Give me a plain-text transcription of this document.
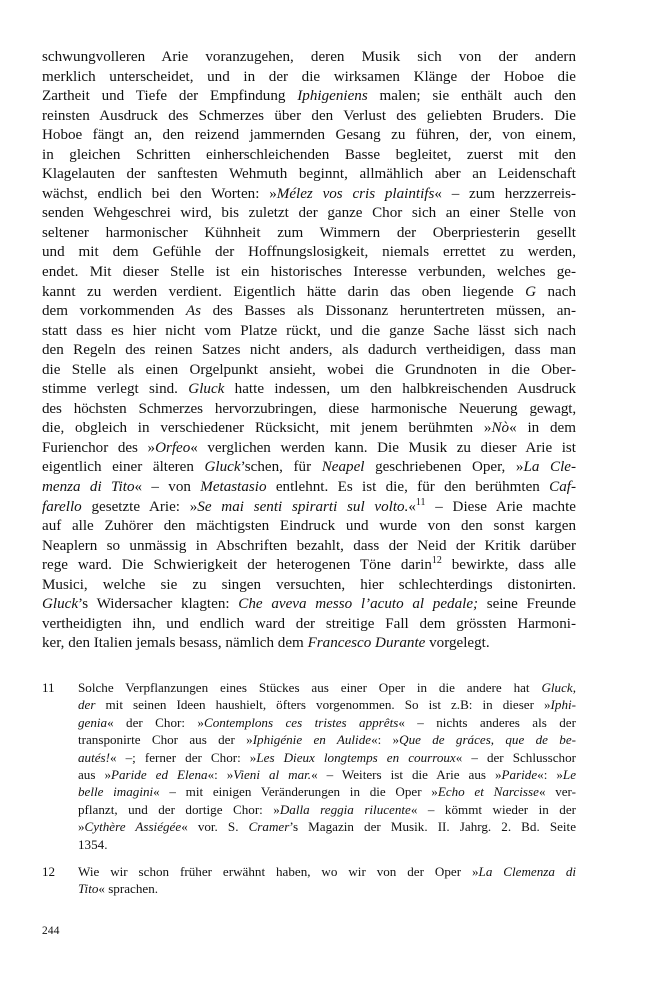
schwungvolleren Arie voranzugehen, deren Musik sich von der andern
merklich unterscheidet, und in der die wirksamen Klänge der Hoboe die
Zartheit und Tiefe der Empfindung Iphigeniens malen; sie enthält auch den
reinsten Ausdruck des Schmerzes über den Verlust des geliebten Bruders. Die
Hoboe fängt an, den reizend jammernden Gesang zu führen, der, von einem,
in gleichen Schritten einherschleichenden Basse begleitet, zuerst mit den
Klagelauten der sanftesten Wehmuth beginnt, allmählich aber an Leidenschaft
wächst, endlich bei den Worten: »Mélez vos cris plaintifs« – zum herzzerreis-
senden Wehgeschrei wird, bis zuletzt der ganze Chor sich an einer Stelle von
seltener harmonischer Kühnheit zum Wimmern der Oberpriesterin gesellt
und mit dem Gefühle der Hoffnungslosigkeit, niemals errettet zu werden,
endet. Mit dieser Stelle ist ein historisches Interesse verbunden, welches ge-
kannt zu werden verdient. Eigentlich hätte darin das oben liegende G nach
dem vorkommenden As des Basses als Dissonanz heruntertreten müssen, an-
statt dass es hier nicht vom Platze rückt, und die ganze Sache lässt sich nach
den Regeln des reinen Satzes nicht anders, als dadurch vertheidigen, dass man
die Stelle als einen Orgelpunkt ansieht, wobei die Grundnoten in die Ober-
stimme verlegt sind. Gluck hatte indessen, um den halbkreischenden Ausdruck
des höchsten Schmerzes hervorzubringen, diese harmonische Neuerung gewagt,
die, obgleich in verschiedener Rücksicht, mit jenem berühmten »Nò« in dem
Furienchor des »Orfeo« verglichen werden kann. Die Musik zu dieser Arie ist
eigentlich einer älteren Gluck’schen, für Neapel geschriebenen Oper, »La Cle-
menza di Tito« – von Metastasio entlehnt. Es ist die, für den berühmten Caf-
farello gesetzte Arie: »Se mai senti spirarti sul volto.«$^{11}$ – Diese Arie machte
auf alle Zuhörer den mächtigsten Eindruck und wurde von den sonst kargen
Neaplern so unmässig in Abschriften bezahlt, dass der Neid der Kritik darüber
rege ward. Die Schwierigkeit der heterogenen Töne darin$^{12}$ bewirkte, dass alle
Musici, welche sie zu singen versuchten, hier schlechterdings distonirten.
Gluck’s Widersacher klagten: Che aveva messo l’acuto al pedale; seine Freunde
vertheidigten ihn, und endlich ward der streitige Fall dem grössten Harmoni-
ker, den Italien jemals besass, nämlich dem Francesco Durante vorgelegt.

11	Solche Verpflanzungen eines Stückes aus einer Oper in die andere hat Gluck,
der mit seinen Ideen haushielt, öfters vorgenommen. So ist z.B: in dieser »Iphi-
genia« der Chor: »Contemplons ces tristes apprêts« – nichts anderes als der
transponirte Chor aus der »Iphigénie en Aulide«: »Que de gráces, que de be-
autés!« –; ferner der Chor: »Les Dieux longtemps en courroux« – der Schlusschor
aus »Paride ed Elena«: »Vieni al mar.« – Weiters ist die Arie aus »Paride«: »Le
belle imagini« – mit einigen Veränderungen in die Oper »Echo et Narcisse« ver-
pflanzt, und der dortige Chor: »Dalla reggia rilucente« – kömmt wieder in der
»Cythère Assiégée« vor. S. Cramer’s Magazin der Musik. II. Jahrg. 2. Bd. Seite
1354.
12	Wie wir schon früher erwähnt haben, wo wir von der Oper »La Clemenza di
Tito« sprachen.
244
